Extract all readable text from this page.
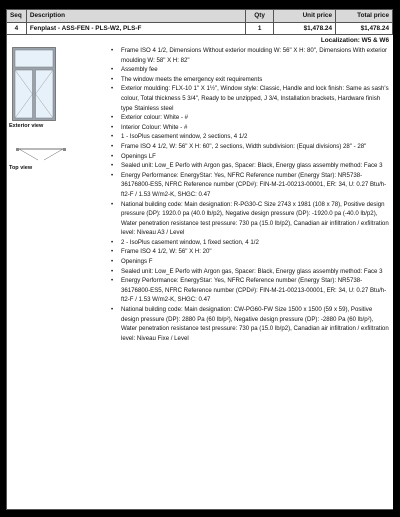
Seq	Description	Qty	Unit price	Total price
4	Fenplast - ASS-FEN - PLS-W2, PLS-F	1	$1,478.24	$1,478.24
Localization: W5 & W6
Exterior view
Top view
• Frame ISO 4 1/2, Dimensions Without exterior moulding W: 56" X H: 80", Dimensions With exterior moulding W: 58" X H: 82"
• Assembly fee
• The window meets the emergency exit requirements
• Exterior moulding: FLX-10 1" X 1½", Window style: Classic, Handle and lock finish: Same as sash's colour, Total thickness 5 3/4", Ready to be unzipped, J 3/4, Installation brackets, Hardware finish type Stainless steel
• Exterior colour: White - #
• Interior Colour: White - #
• 1 - IsoPlus casement window, 2 sections, 4 1/2
• Frame ISO 4 1/2, W: 56" X H: 60", 2 sections, Width subdivision: (Equal divisions) 28" - 28"
• Openings LF
• Sealed unit: Low_E Perfo with Argon gas, Spacer: Black, Energy glass assembly method: Face 3
• Energy Performance: EnergyStar: Yes, NFRC Reference number (Energy Star): NR5738-36176800-ES5, NFRC Reference number (CPD#): FIN-M-21-00213-00001, ER: 34, U: 0.27 Btu/h-ft2-F / 1.53 W/m2-K, SHGC: 0.47
• National building code: Main designation: R-PG30-C Size 2743 x 1981 (108 x 78), Positive design pressure (DP): 1920.0 pa (40.0 lb/p2), Negative design pressure (DP): -1920.0 pa (-40.0 lb/p2), Water penetration resistance test pressure: 730 pa (15.0 lb/p2), Canadian air infiltration / exfiltration level: Niveau A3 / Level
• 2 - IsoPlus casement window, 1 fixed section, 4 1/2
• Frame ISO 4 1/2, W: 56" X H: 20"
• Openings F
• Sealed unit: Low_E Perfo with Argon gas, Spacer: Black, Energy glass assembly method: Face 3
• Energy Performance: EnergyStar: Yes, NFRC Reference number (Energy Star): NR5738-36176800-ES5, NFRC Reference number (CPD#): FIN-M-21-00213-00001, ER: 34, U: 0.27 Btu/h-ft2-F / 1.53 W/m2-K, SHGC: 0.47
• National building code: Main designation: CW-PG60-FW Size 1500 x 1500 (59 x 59), Positive design pressure (DP): 2880 Pa (60 lb/p²), Negative design pressure (DP): -2880 Pa (60 lb/p²), Water penetration resistance test pressure: 730 pa (15.0 lb/p2), Canadian air infiltration / exfiltration level: Niveau Fixe / Level
